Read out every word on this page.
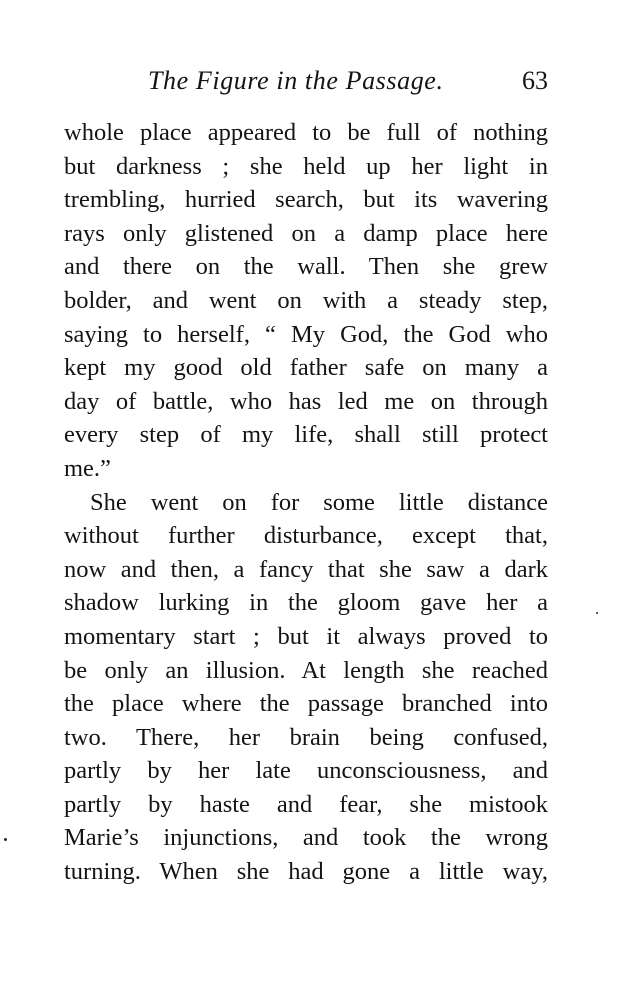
The Figure in the Passage.	63
whole place appeared to be full of nothing
but darkness ; she held up her light in
trembling, hurried search, but its wavering
rays only glistened on a damp place here
and there on the wall. Then she grew
bolder, and went on with a steady step,
saying to herself, “ My God, the God who
kept my good old father safe on many a
day of battle, who has led me on through
every step of my life, shall still protect
me.”
She went on for some little distance
without further disturbance, except that,
now and then, a fancy that she saw a dark
shadow lurking in the gloom gave her a
momentary start ; but it always proved to
be only an illusion. At length she reached
the place where the passage branched into
two. There, her brain being confused,
partly by her late unconsciousness, and
partly by haste and fear, she mistook
Marie’s injunctions, and took the wrong
turning. When she had gone a little way,
